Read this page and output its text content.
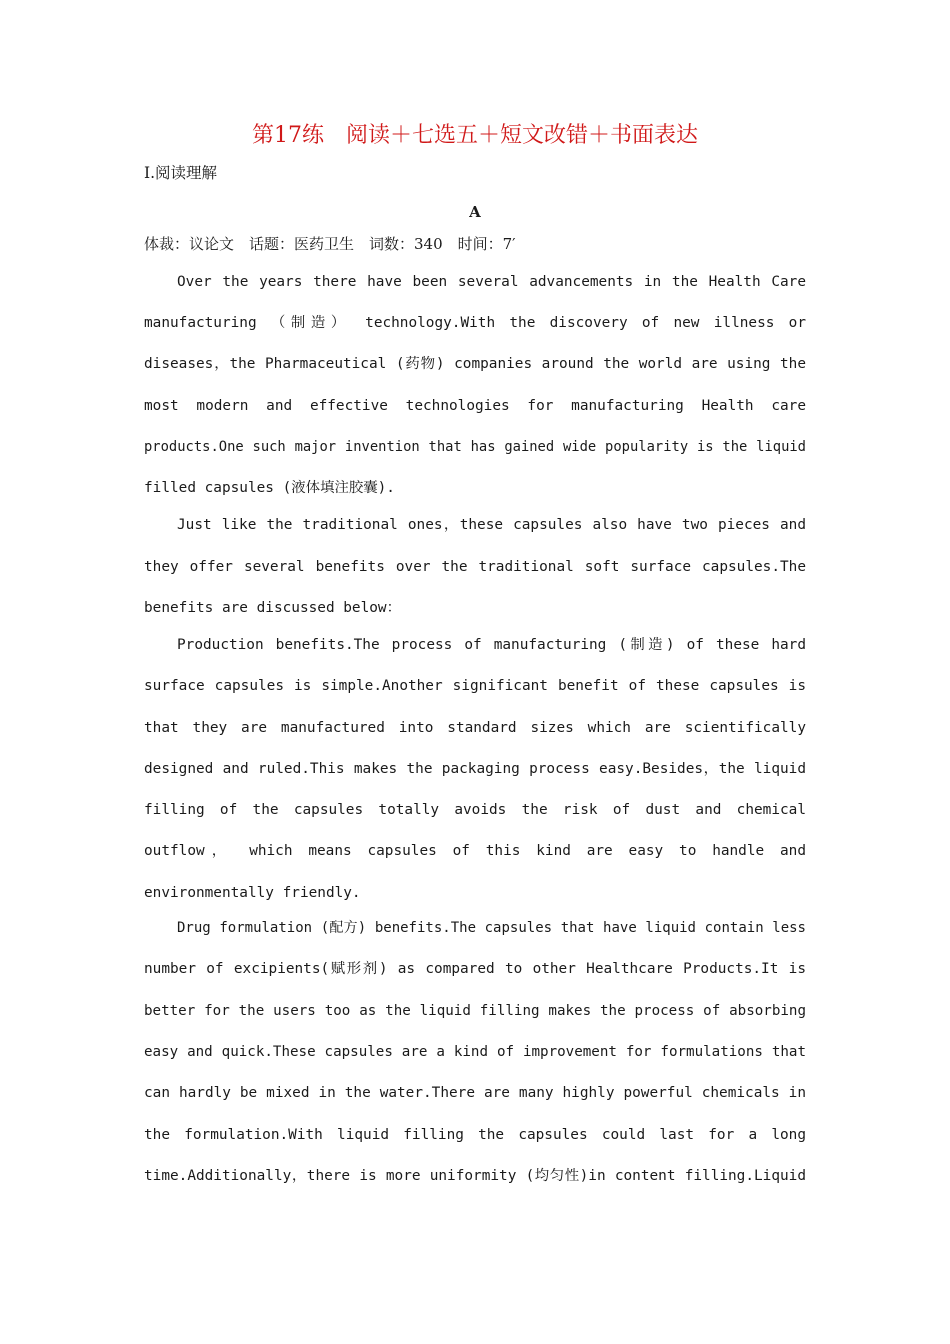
第17练　阅读＋七选五＋短文改错＋书面表达
Ⅰ.阅读理解
A
体裁：议论文　话题：医药卫生　词数：340　时间：7′
Over the years there have been several advancements in the Health Care
manufacturing （制造） technology.With the discovery of new illness or
diseases，the Pharmaceutical (药物) companies around the world are using the
most modern and effective technologies for manufacturing Health care
products.One such major invention that has gained wide popularity is the liquid
filled capsules (液体填注胶囊).
Just like the traditional ones，these capsules also have two pieces and
they offer several benefits over the traditional soft surface capsules.The
benefits are discussed below：
Production benefits.The process of manufacturing (制造) of these hard
surface capsules is simple.Another significant benefit of these capsules is
that they are manufactured into standard sizes which are scientifically
designed and ruled.This makes the packaging process easy.Besides，the liquid
filling of the capsules totally avoids the risk of dust and chemical
outflow， which means capsules of this kind are easy to handle and
environmentally friendly.
Drug formulation (配方) benefits.The capsules that have liquid contain less
number of excipients(赋形剂) as compared to other Healthcare Products.It is
better for the users too as the liquid filling makes the process of absorbing
easy and quick.These capsules are a kind of improvement for formulations that
can hardly be mixed in the water.There are many highly powerful chemicals in
the formulation.With liquid filling the capsules could last for a long
time.Additionally，there is more uniformity (均匀性)in content filling.Liquid
